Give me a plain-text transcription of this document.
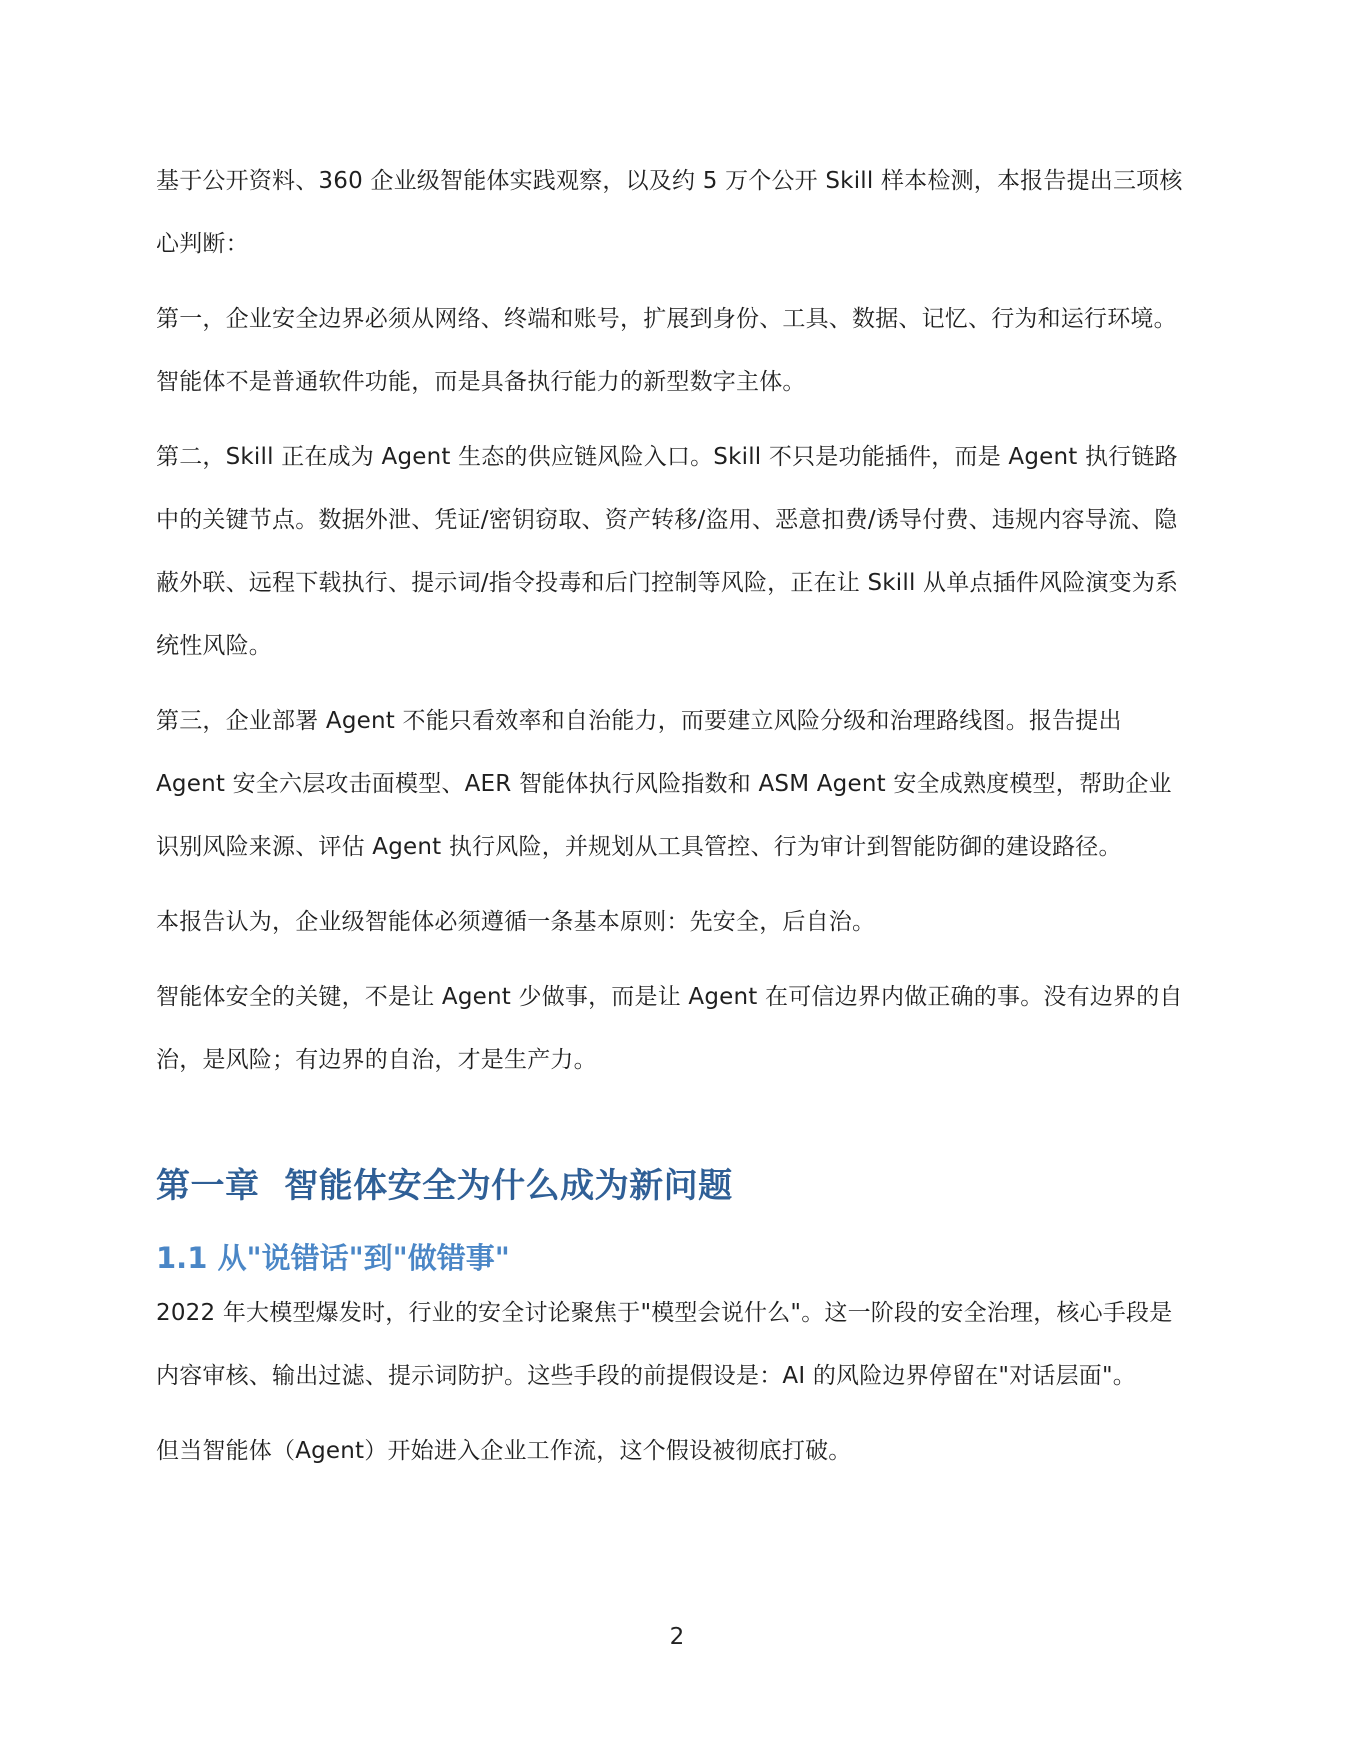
基于公开资料、360 企业级智能体实践观察，以及约 5 万个公开 Skill 样本检测，本报告提出三项核心判断：

第一，企业安全边界必须从网络、终端和账号，扩展到身份、工具、数据、记忆、行为和运行环境。智能体不是普通软件功能，而是具备执行能力的新型数字主体。

第二，Skill 正在成为 Agent 生态的供应链风险入口。Skill 不只是功能插件，而是 Agent 执行链路中的关键节点。数据外泄、凭证/密钥窃取、资产转移/盗用、恶意扣费/诱导付费、违规内容导流、隐蔽外联、远程下载执行、提示词/指令投毒和后门控制等风险，正在让 Skill 从单点插件风险演变为系统性风险。

第三，企业部署 Agent 不能只看效率和自治能力，而要建立风险分级和治理路线图。报告提出 Agent 安全六层攻击面模型、AER 智能体执行风险指数和 ASM Agent 安全成熟度模型，帮助企业识别风险来源、评估 Agent 执行风险，并规划从工具管控、行为审计到智能防御的建设路径。

本报告认为，企业级智能体必须遵循一条基本原则：先安全，后自治。

智能体安全的关键，不是让 Agent 少做事，而是让 Agent 在可信边界内做正确的事。没有边界的自治，是风险；有边界的自治，才是生产力。

第一章  智能体安全为什么成为新问题
1.1 从"说错话"到"做错事"

2022 年大模型爆发时，行业的安全讨论聚焦于"模型会说什么"。这一阶段的安全治理，核心手段是内容审核、输出过滤、提示词防护。这些手段的前提假设是：AI 的风险边界停留在"对话层面"。

但当智能体（Agent）开始进入企业工作流，这个假设被彻底打破。

2
